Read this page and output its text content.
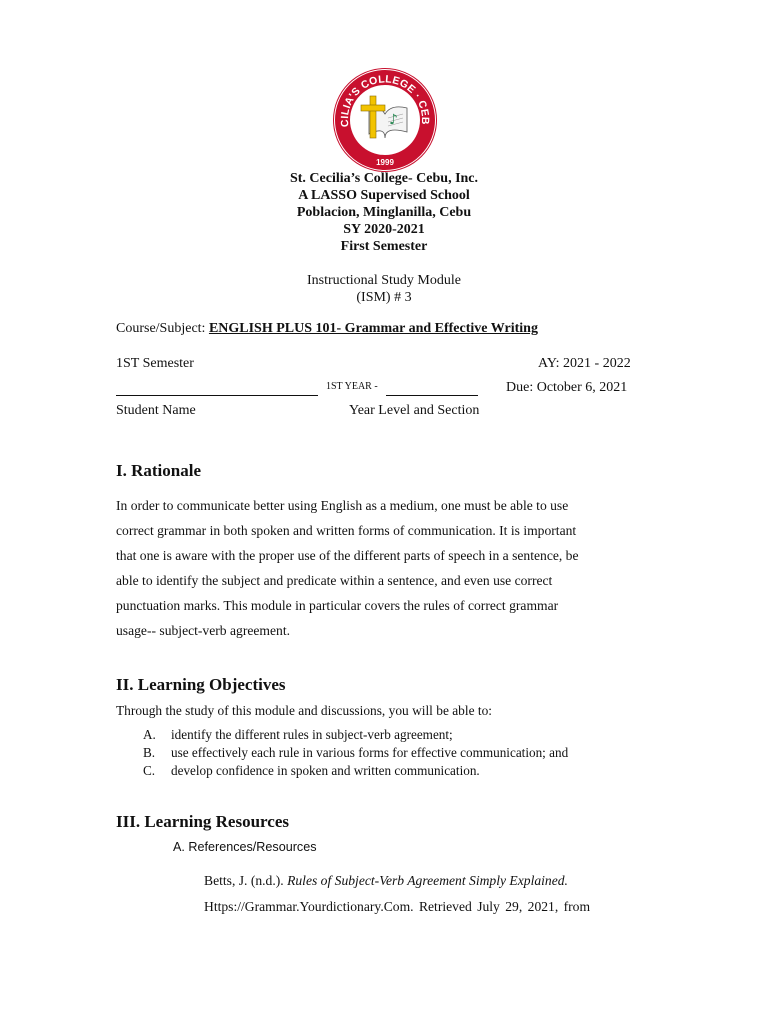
CILIA'S COLLEGE · CEB
1999
♪
St. Cecilia’s College- Cebu, Inc.
A LASSO Supervised School
Poblacion, Minglanilla, Cebu
SY 2020-2021
First Semester
Instructional Study Module
(ISM) # 3
Course/Subject: ENGLISH PLUS 101- Grammar and Effective Writing
1ST Semester	AY: 2021 - 2022
1ST YEAR -	Due: October 6, 2021
Student Name	Year Level and Section
I. Rationale
In order to communicate better using English as a medium, one must be able to use
correct grammar in both spoken and written forms of communication. It is important
that one is aware with the proper use of the different parts of speech in a sentence, be
able to identify the subject and predicate within a sentence, and even use correct
punctuation marks. This module in particular covers the rules of correct grammar
usage-- subject-verb agreement.
II. Learning Objectives
Through the study of this module and discussions, you will be able to:
A. identify the different rules in subject-verb agreement;
B. use effectively each rule in various forms for effective communication; and
C. develop confidence in spoken and written communication.
III. Learning Resources
A. References/Resources
Betts, J. (n.d.). Rules of Subject-Verb Agreement Simply Explained.
Https://Grammar.Yourdictionary.Com. Retrieved July 29, 2021, from
